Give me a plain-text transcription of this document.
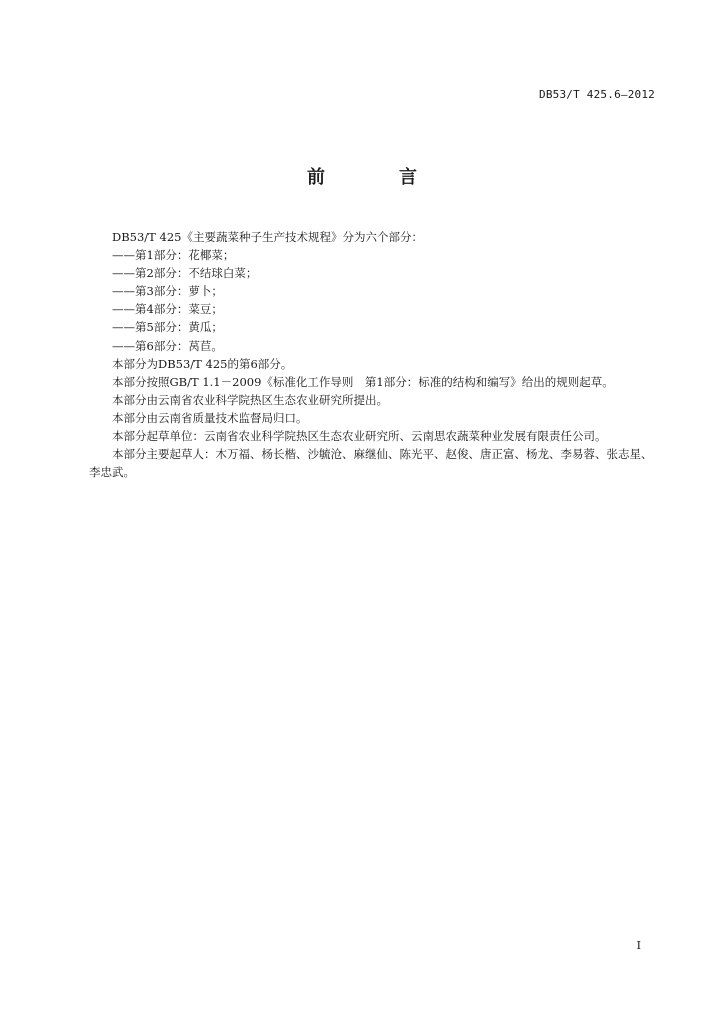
DB53/T 425.6—2012
前　言

DB53/T 425《主要蔬菜种子生产技术规程》分为六个部分：

——第1部分：花椰菜；

——第2部分：不结球白菜；

——第3部分：萝卜；

——第4部分：菜豆；

——第5部分：黄瓜；

——第6部分：莴苣。

本部分为DB53/T 425的第6部分。

本部分按照GB/T 1.1－2009《标准化工作导则　第1部分：标准的结构和编写》给出的规则起草。

本部分由云南省农业科学院热区生态农业研究所提出。

本部分由云南省质量技术监督局归口。

本部分起草单位：云南省农业科学院热区生态农业研究所、云南思农蔬菜种业发展有限责任公司。

本部分主要起草人：木万福、杨长楷、沙毓沧、麻继仙、陈光平、赵俊、唐正富、杨龙、李易蓉、张志星、李忠武。

I
